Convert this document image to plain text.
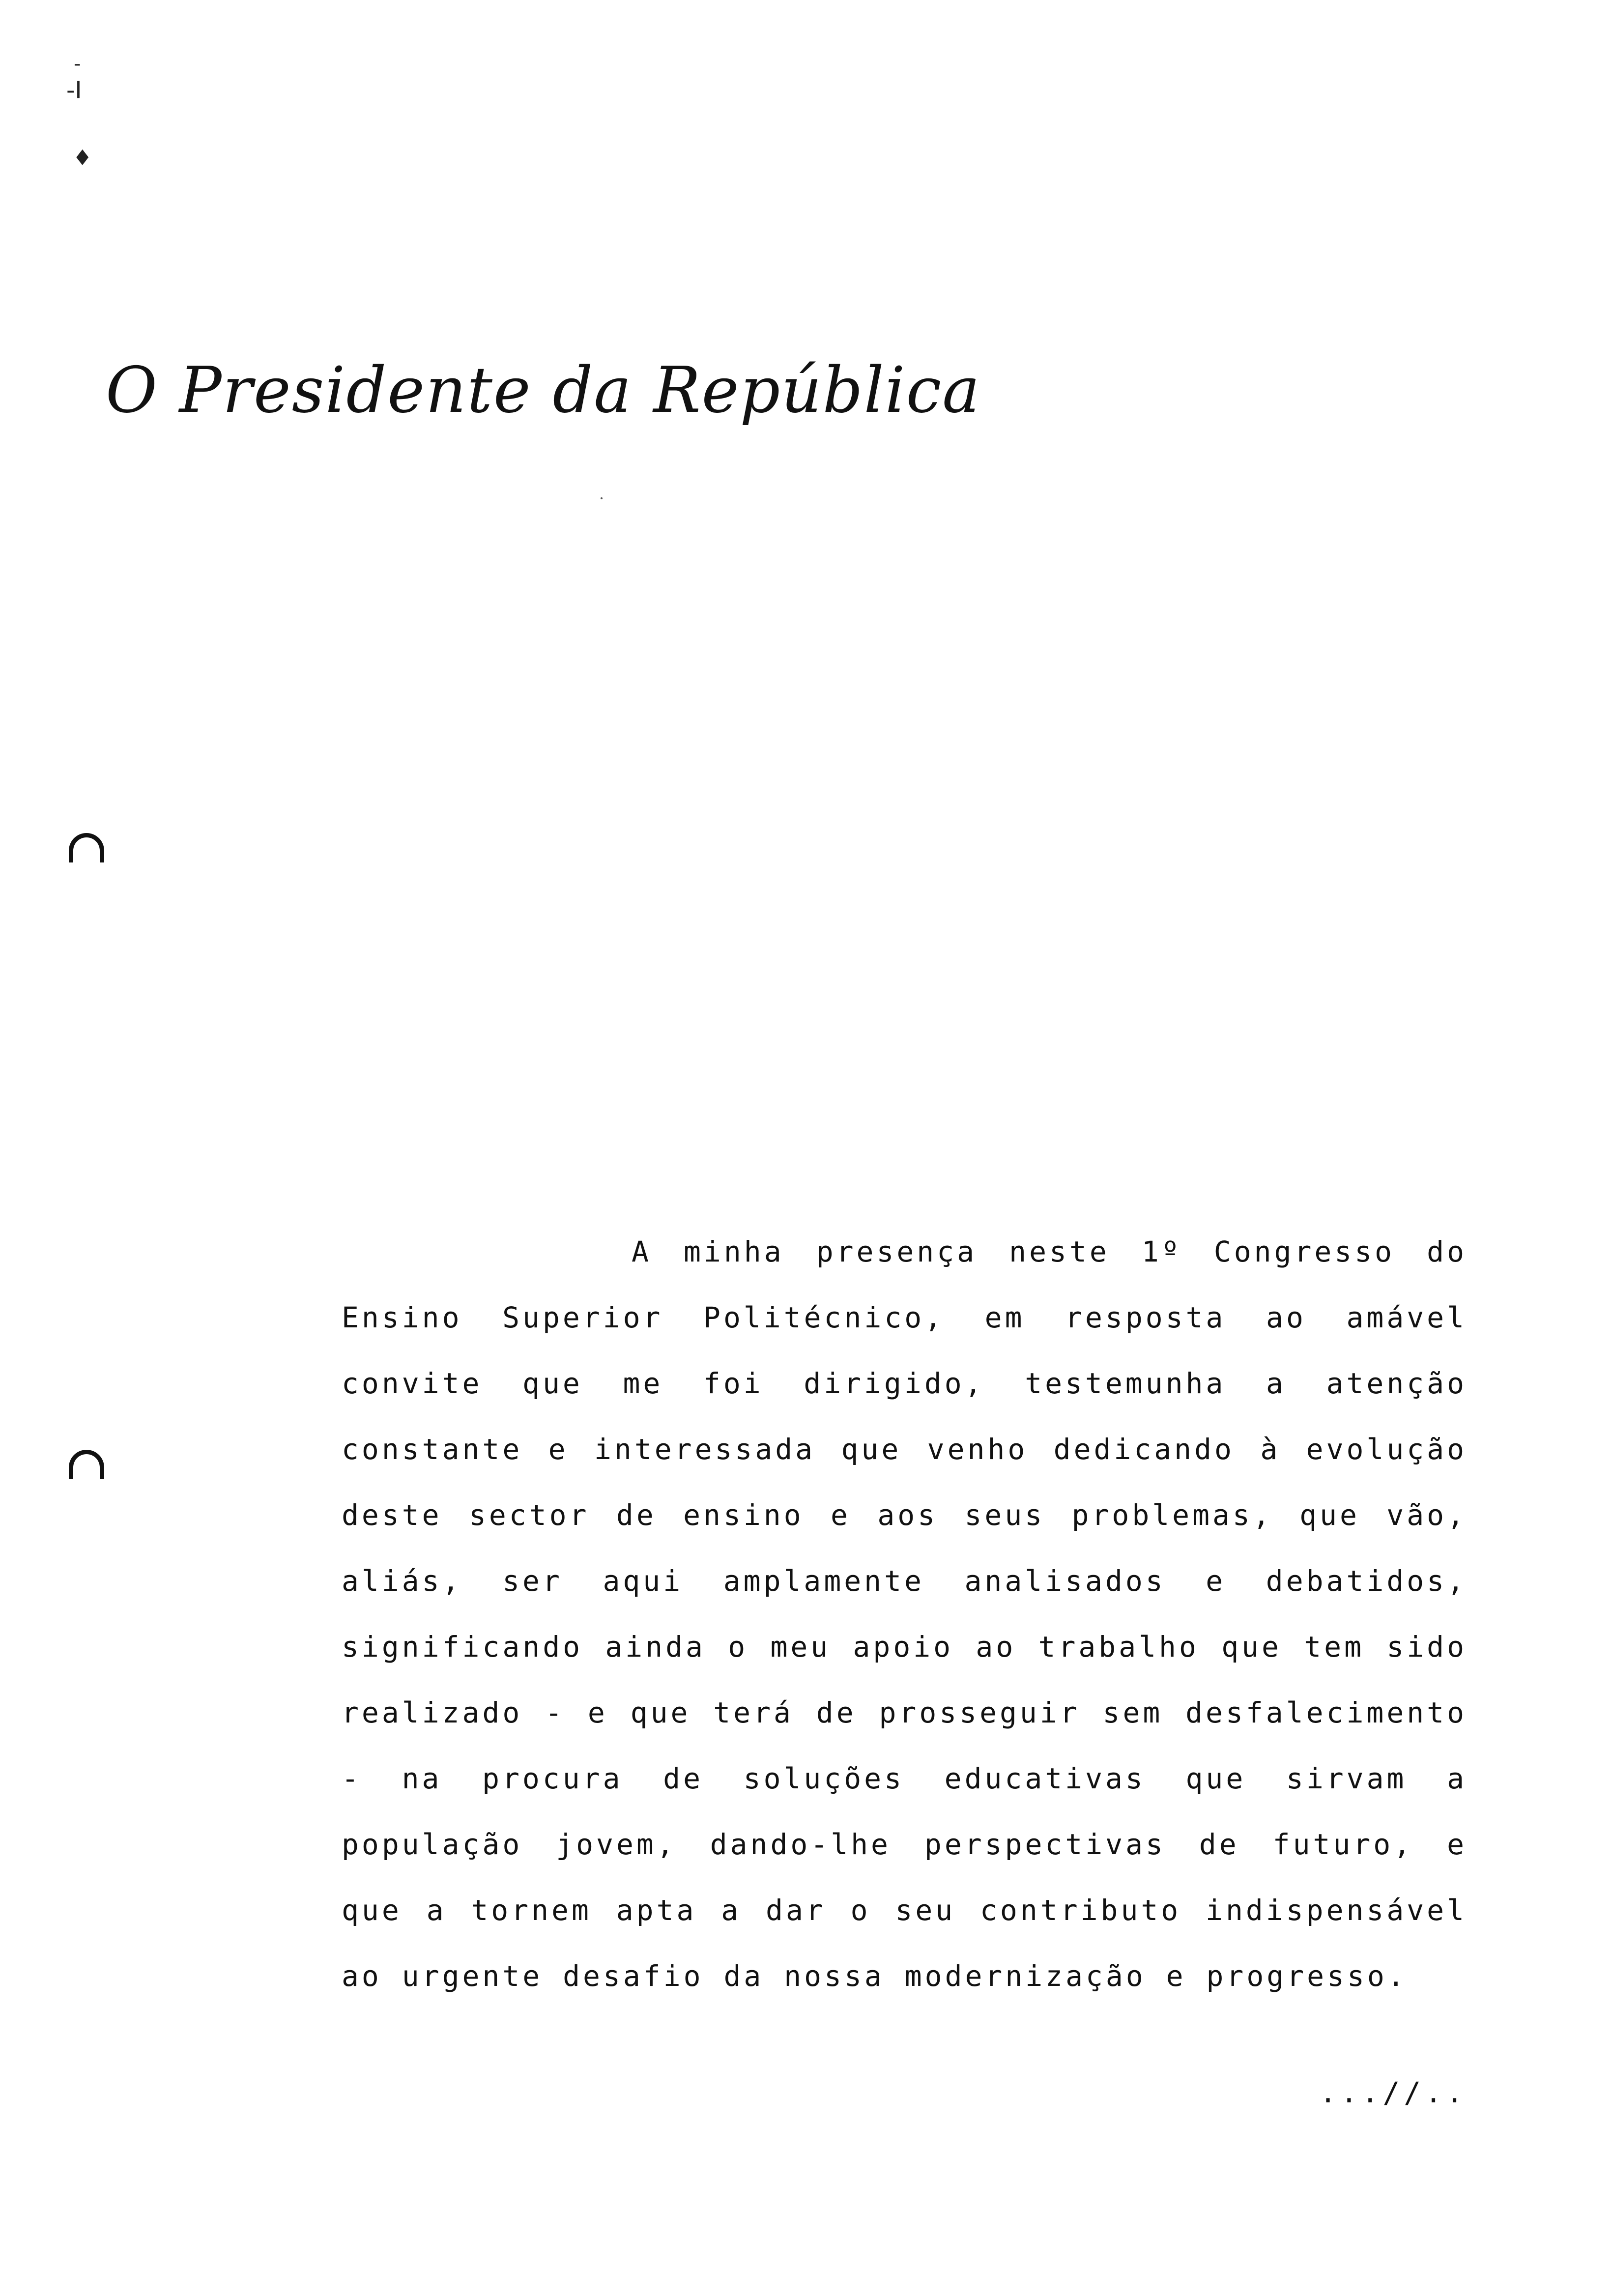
-
-I
♦
O Presidente da República

A minha presença neste 1º Congresso do Ensino Superior Politécnico, em resposta ao amável convite que me foi dirigido, testemunha a atenção constante e interessada que venho dedicando à evolução deste sector de ensino e aos seus problemas, que vão, aliás, ser aqui amplamente analisados e debatidos, significando ainda o meu apoio ao trabalho que tem sido realizado - e que terá de prosseguir sem desfalecimento - na procura de soluções educativas que sirvam a população jovem, dando-lhe perspectivas de futuro, e que a tornem apta a dar o seu contributo indispensável ao urgente desafio da nossa modernização e progresso.

...//..
